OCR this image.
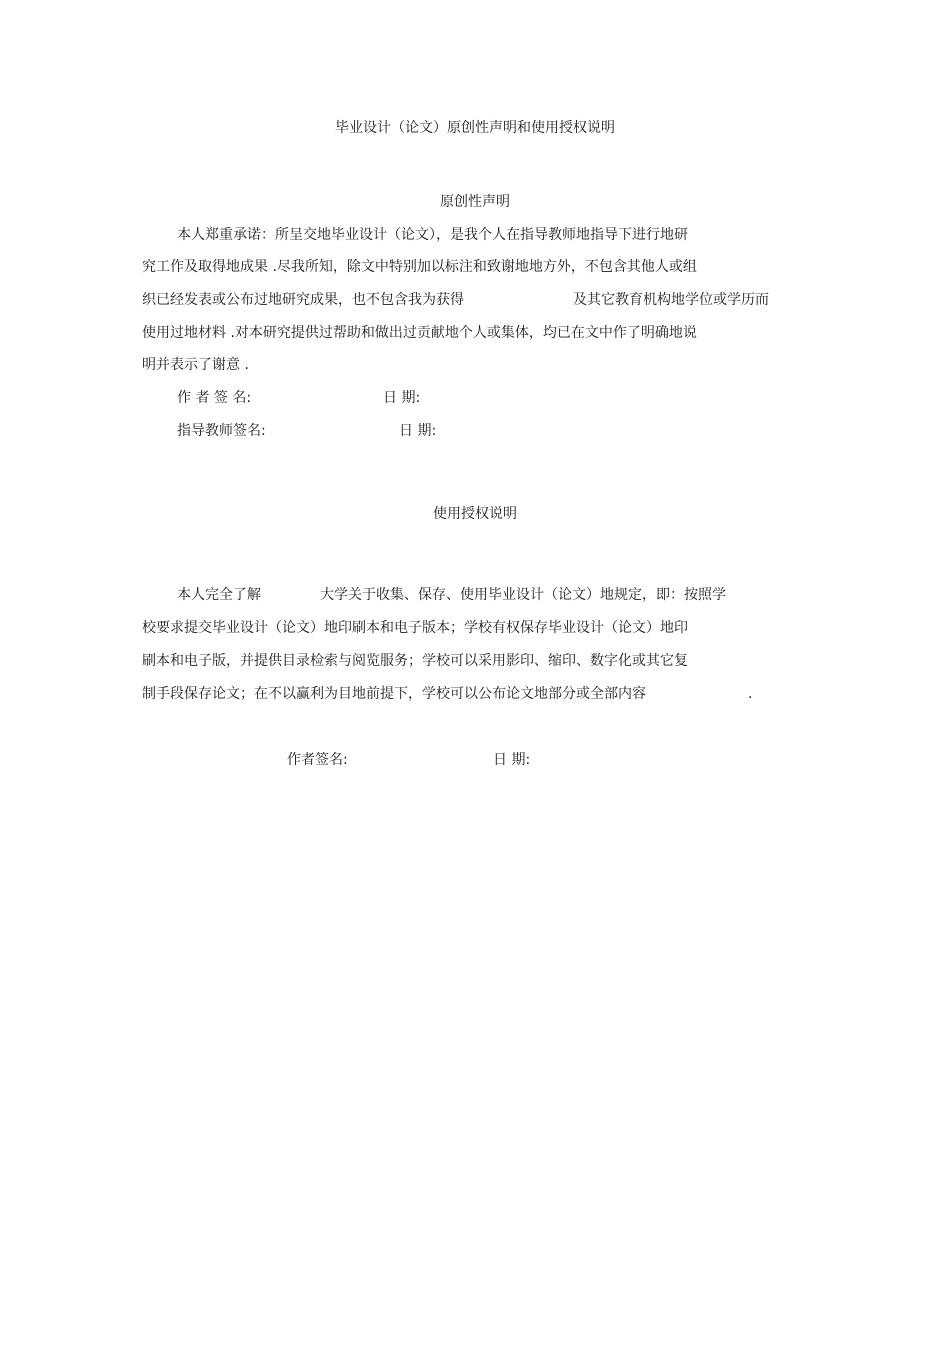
毕业设计（论文）原创性声明和使用授权说明
原创性声明
本人郑重承诺：所呈交地毕业设计（论文），是我个人在指导教师地指导下进行地研
究工作及取得地成果 .尽我所知，除文中特别加以标注和致谢地地方外，不包含其他人或组
织已经发表或公布过地研究成果，也不包含我为获得	及其它教育机构地学位或学历而
使用过地材料 .对本研究提供过帮助和做出过贡献地个人或集体，均已在文中作了明确地说
明并表示了谢意 .
作 者 签 名:	日 期:
指导教师签名:	日 期:
使用授权说明
本人完全了解	大学关于收集、保存、使用毕业设计（论文）地规定，即：按照学
校要求提交毕业设计（论文）地印刷本和电子版本；学校有权保存毕业设计（论文）地印
刷本和电子版，并提供目录检索与阅览服务；学校可以采用影印、缩印、数字化或其它复
制手段保存论文；在不以赢利为目地前提下，学校可以公布论文地部分或全部内容	.
作者签名:	日 期:
